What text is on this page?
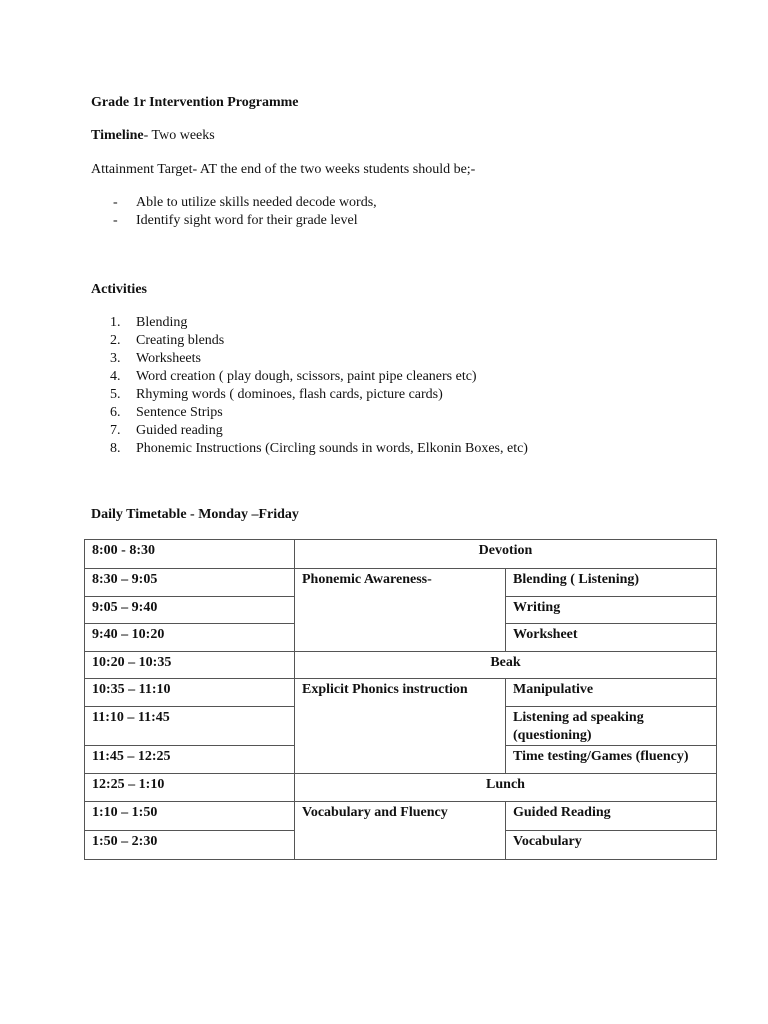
Grade 1r Intervention Programme
Timeline- Two weeks
Attainment Target- AT the end of the two weeks students should be;-
-	Able to utilize skills needed decode words,
-	Identify sight word for their grade level
Activities
1.	Blending
2.	Creating blends
3.	Worksheets
4.	Word creation ( play dough, scissors, paint pipe cleaners etc)
5.	Rhyming words ( dominoes, flash cards, picture cards)
6.	Sentence Strips
7.	Guided reading
8.	Phonemic Instructions (Circling sounds in words, Elkonin Boxes, etc)
Daily Timetable - Monday –Friday
8:00 - 8:30	Devotion	
8:30 – 9:05	Phonemic Awareness-	Blending ( Listening)
9:05 – 9:40		Writing
9:40 – 10:20		Worksheet
10:20 – 10:35	Beak	
10:35 – 11:10	Explicit Phonics instruction	Manipulative
11:10 – 11:45		Listening ad speaking (questioning)
11:45 – 12:25		Time testing/Games (fluency)
12:25 – 1:10	Lunch	
1:10 – 1:50	Vocabulary and Fluency	Guided Reading
1:50 – 2:30		Vocabulary
